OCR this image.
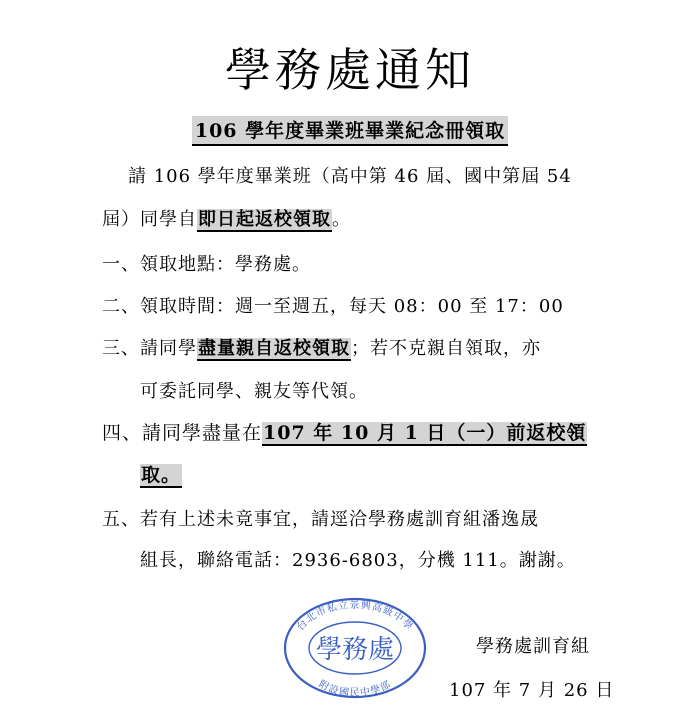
學務處通知
106 學年度畢業班畢業紀念冊領取
請 106 學年度畢業班（高中第 46 屆、國中第屆 54
屆）同學自即日起返校領取。
一、領取地點：學務處。
二、領取時間：週一至週五，每天 08：00 至 17：00
三、請同學盡量親自返校領取；若不克親自領取，亦
可委託同學、親友等代領。
四、請同學盡量在107 年 10 月 1 日（一）前返校領
取。
五、若有上述未竟事宜，請逕洽學務處訓育組潘逸晟
組長，聯絡電話：2936-6803，分機 111。謝謝。
台北市私立景興高級中學
附設國民中學部
學務處	學務處訓育組
107 年 7 月 26 日
